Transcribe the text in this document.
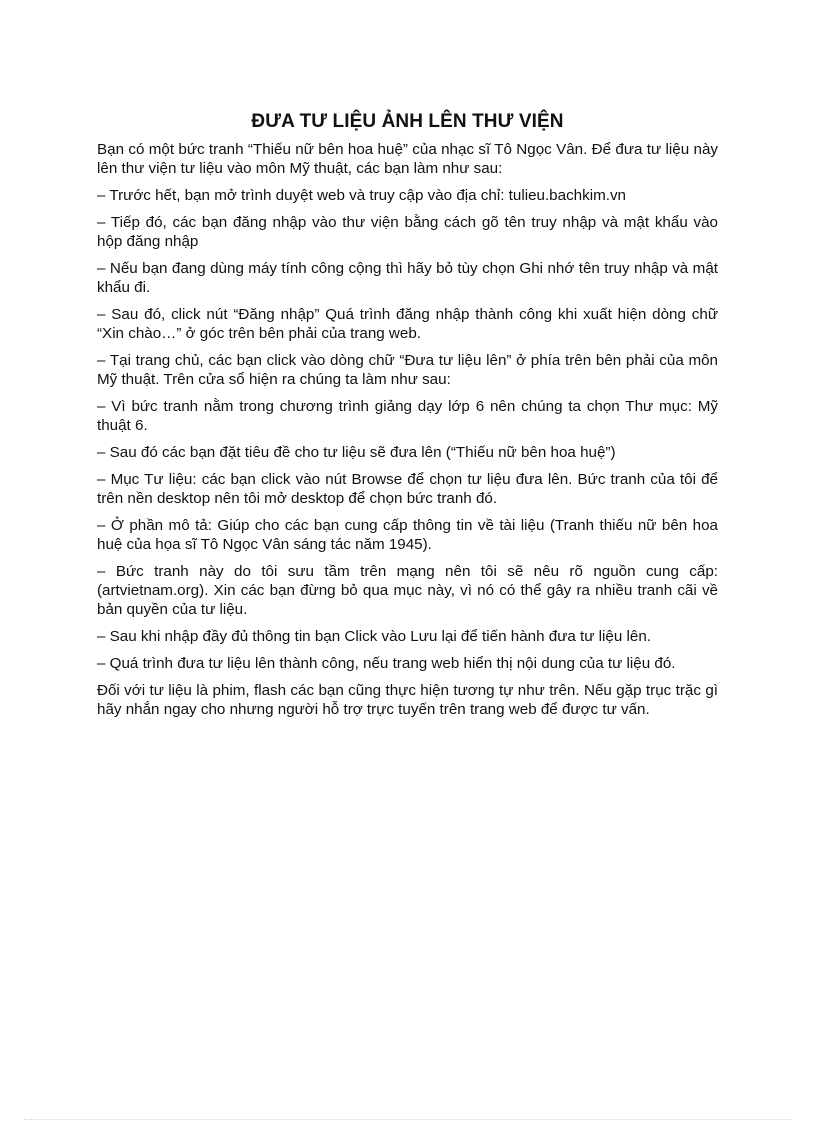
ĐƯA TƯ LIỆU ẢNH LÊN THƯ VIỆN

Bạn có một bức tranh “Thiếu nữ bên hoa huệ” của nhạc sĩ Tô Ngọc Vân. Để đưa tư liệu này lên thư viện tư liệu vào môn Mỹ thuật, các bạn làm như sau:

– Trước hết, bạn mở trình duyệt web và truy cập vào địa chỉ: tulieu.bachkim.vn

– Tiếp đó, các bạn đăng nhập vào thư viện bằng cách gõ tên truy nhập và mật khẩu vào hộp đăng nhập

– Nếu bạn đang dùng máy tính công cộng thì hãy bỏ tùy chọn Ghi nhớ tên truy nhập và mật khẩu đi.

– Sau đó, click nút “Đăng nhập” Quá trình đăng nhập thành công khi xuất hiện dòng chữ “Xin chào…” ở góc trên bên phải của trang web.

– Tại trang chủ, các bạn click vào dòng chữ “Đưa tư liệu lên” ở phía trên bên phải của môn Mỹ thuật. Trên cửa sổ hiện ra chúng ta làm như sau:

– Vì bức tranh nằm trong chương trình giảng dạy lớp 6 nên chúng ta chọn Thư mục: Mỹ thuật 6.

– Sau đó các bạn đặt tiêu đề cho tư liệu sẽ đưa lên (“Thiếu nữ bên hoa huệ”)

– Mục Tư liệu: các bạn click vào nút Browse để chọn tư liệu đưa lên. Bức tranh của tôi để trên nền desktop nên tôi mở desktop để chọn bức tranh đó.

– Ở phần mô tả: Giúp cho các bạn cung cấp thông tin về tài liệu (Tranh thiếu nữ bên hoa huệ của họa sĩ Tô Ngọc Vân sáng tác năm 1945).

– Bức tranh này do tôi sưu tầm trên mạng nên tôi sẽ nêu rõ nguồn cung cấp: (artvietnam.org). Xin các bạn đừng bỏ qua mục này, vì nó có thể gây ra nhiều tranh cãi về bản quyền của tư liệu.

– Sau khi nhập đầy đủ thông tin bạn Click vào Lưu lại để tiến hành đưa tư liệu lên.

– Quá trình đưa tư liệu lên thành công, nếu trang web hiển thị nội dung của tư liệu đó.

Đối với tư liệu là phim, flash các bạn cũng thực hiện tương tự như trên. Nếu gặp trục trặc gì hãy nhắn ngay cho nhưng người hỗ trợ trực tuyến trên trang web để được tư vấn.
